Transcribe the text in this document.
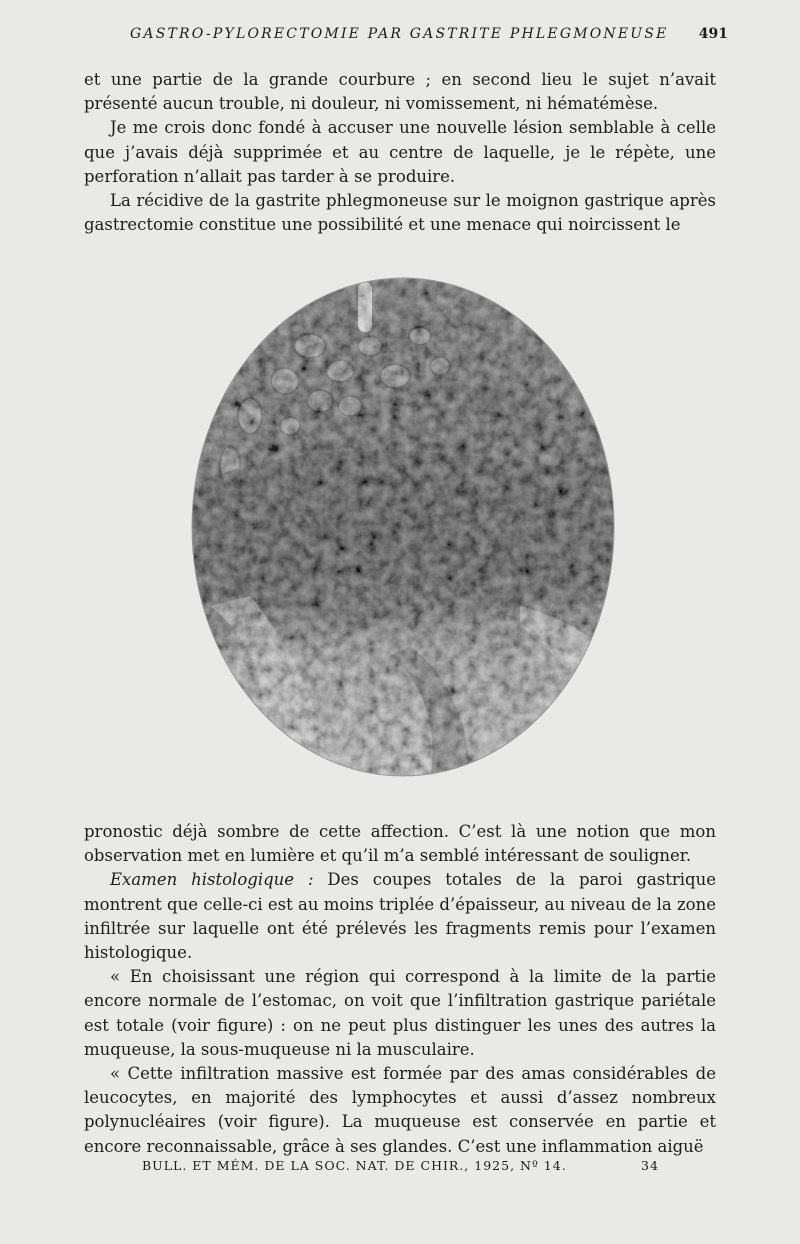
GASTRO-PYLORECTOMIE PAR GASTRITE PHLEGMONEUSE 491

et une partie de la grande courbure ; en second lieu le sujet n’avait présenté aucun trouble, ni douleur, ni vomissement, ni hématémèse.

Je me crois donc fondé à accuser une nouvelle lésion semblable à celle que j’avais déjà supprimée et au centre de laquelle, je le répète, une perforation n’allait pas tarder à se produire.

La récidive de la gastrite phlegmoneuse sur le moignon gastrique après gastrectomie constitue une possibilité et une menace qui noircissent le

pronostic déjà sombre de cette affection. C’est là une notion que mon observation met en lumière et qu’il m’a semblé intéressant de souligner.

Examen histologique : Des coupes totales de la paroi gastrique montrent que celle-ci est au moins triplée d’épaisseur, au niveau de la zone infiltrée sur laquelle ont été prélevés les fragments remis pour l’examen histologique.

« En choisissant une région qui correspond à la limite de la partie encore normale de l’estomac, on voit que l’infiltration gastrique pariétale est totale (voir figure) : on ne peut plus distinguer les unes des autres la muqueuse, la sous-muqueuse ni la musculaire.

« Cette infiltration massive est formée par des amas considérables de leucocytes, en majorité des lymphocytes et aussi d’assez nombreux polynucléaires (voir figure). La muqueuse est conservée en partie et encore reconnaissable, grâce à ses glandes. C’est une inflammation aiguë

BULL. ET MÉM. DE LA SOC. NAT. DE CHIR., 1925, Nº 14.	34
